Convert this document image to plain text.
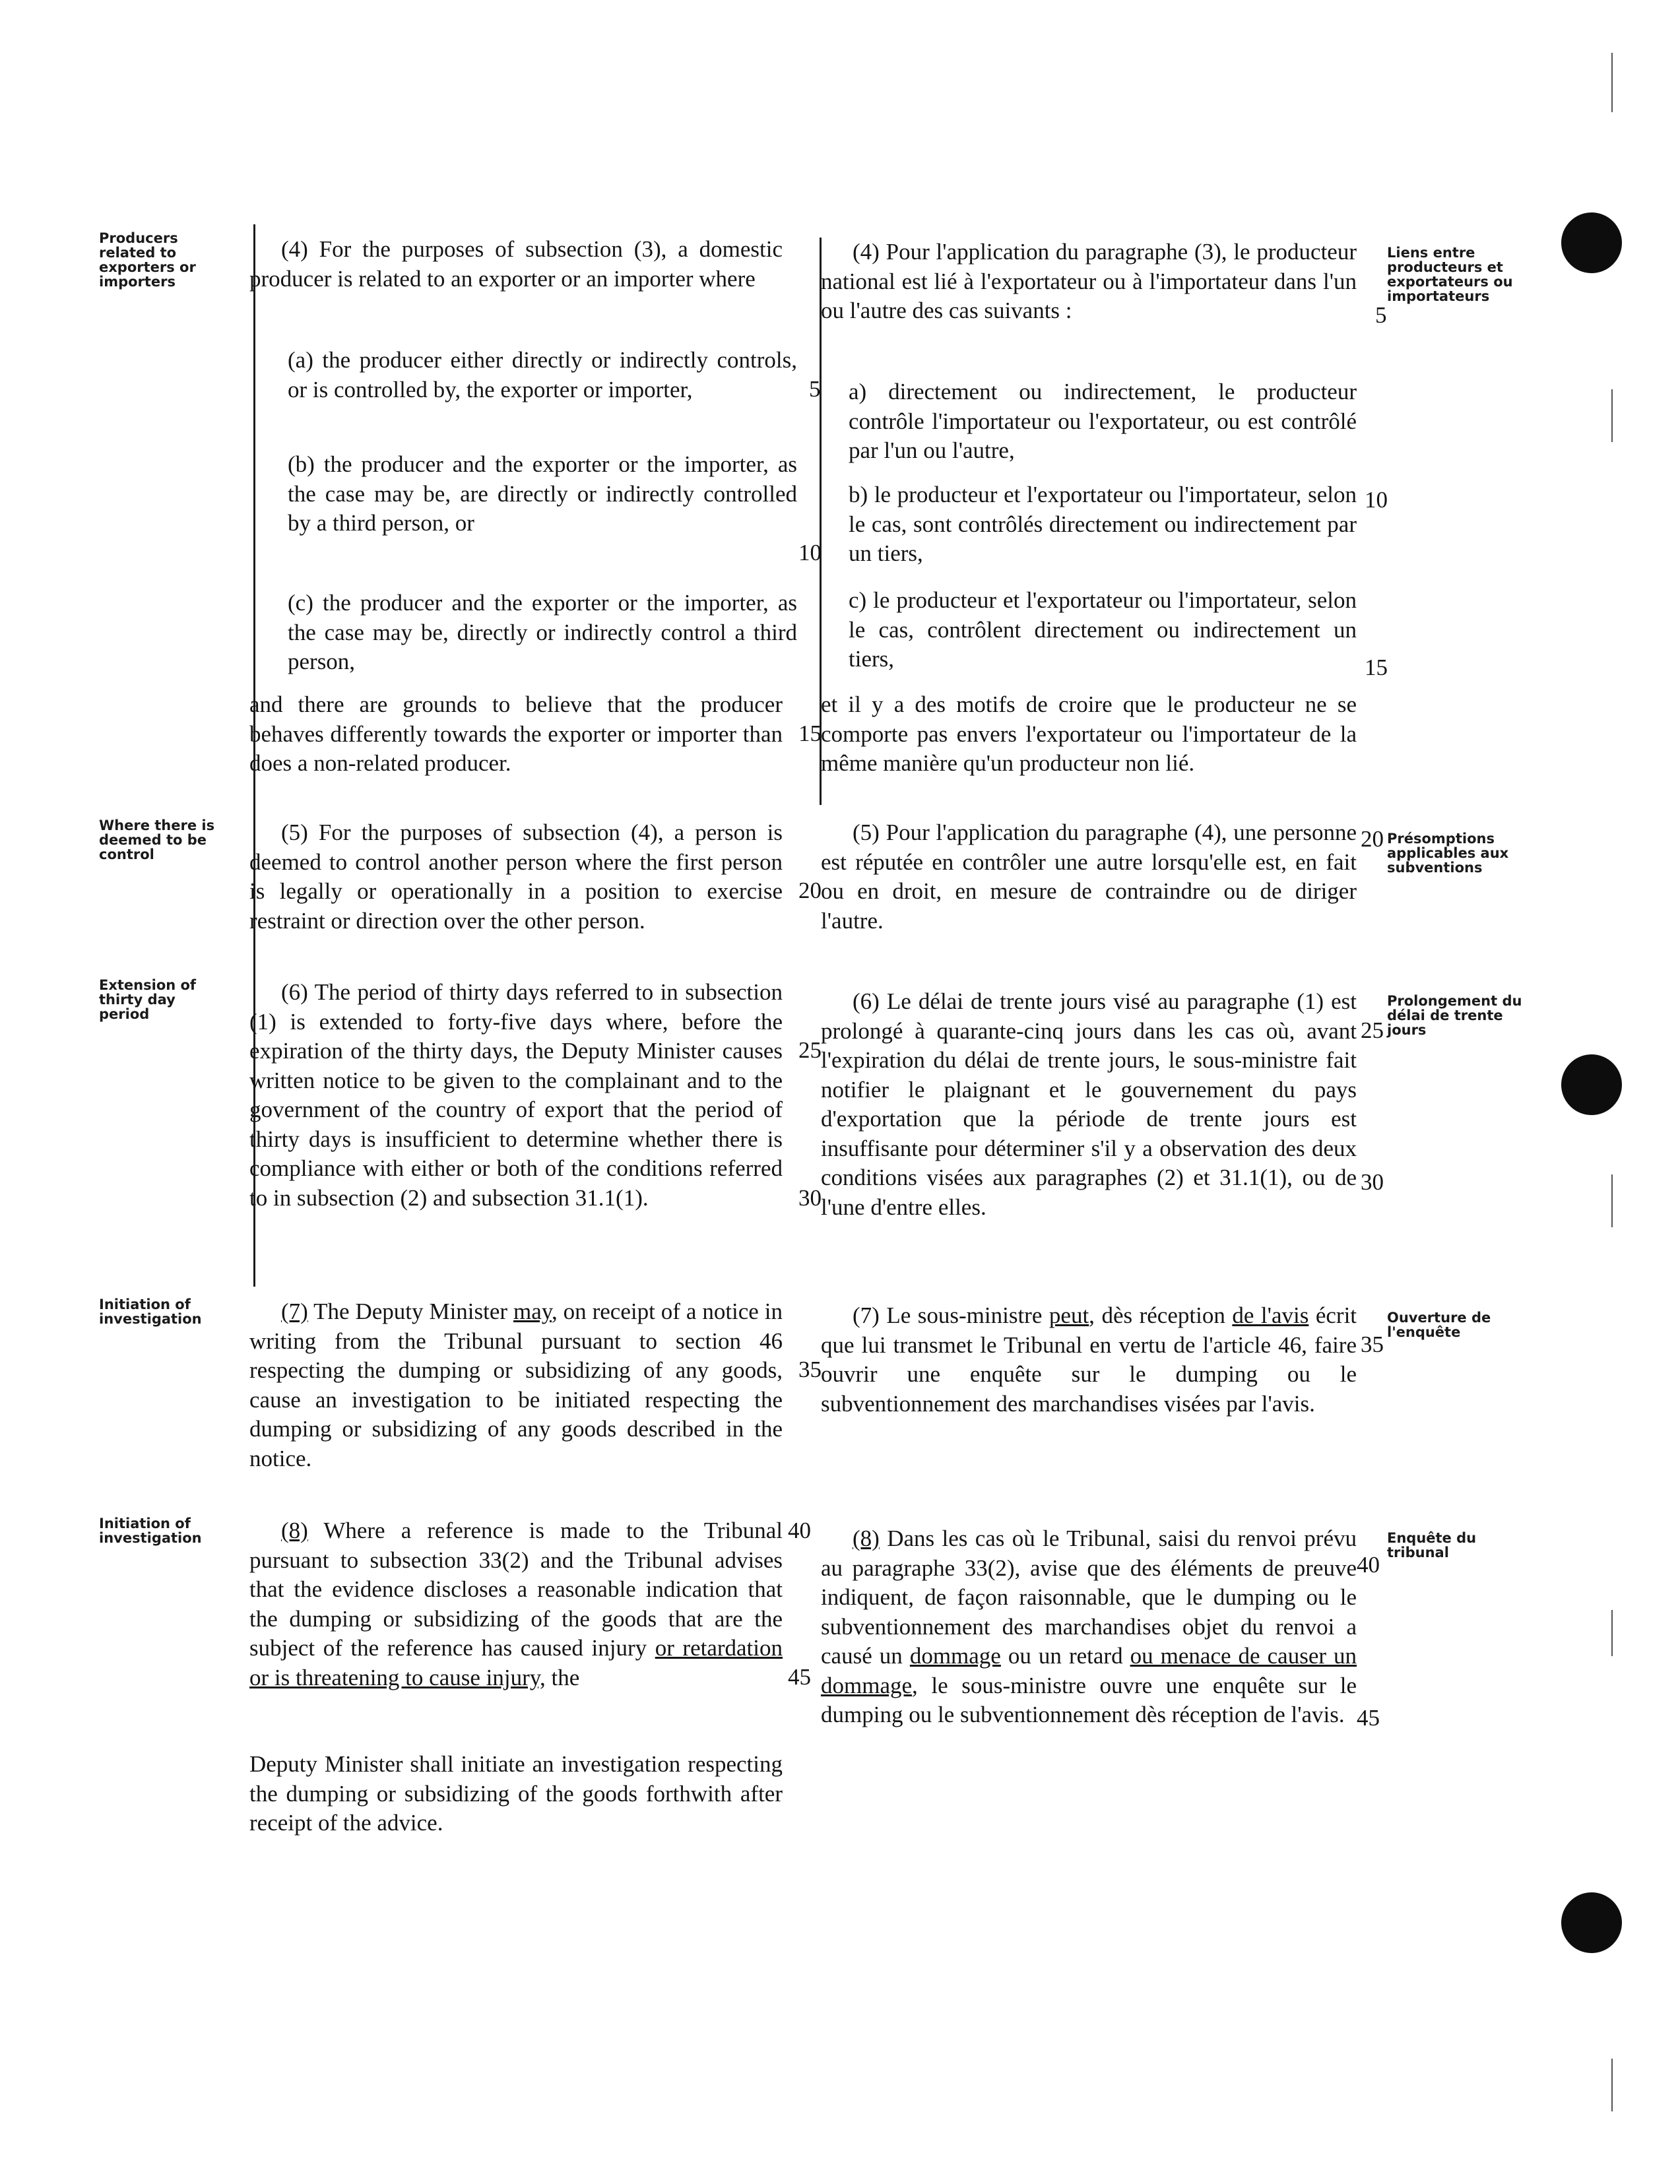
Producers related to exporters or importers
Where there is deemed to be control
Extension of thirty day period
Initiation of investigation
Initiation of investigation
Liens entre producteurs et exportateurs ou importateurs
Présomptions applicables aux subventions
Prolongement du délai de trente jours
Ouverture de l'enquête
Enquête du tribunal

(4) For the purposes of subsection (3), a domestic producer is related to an exporter or an importer where

(a) the producer either directly or indirectly controls, or is controlled by, the exporter or importer,

(b) the producer and the exporter or the importer, as the case may be, are directly or indirectly controlled by a third person, or

(c) the producer and the exporter or the importer, as the case may be, directly or indirectly control a third person,

and there are grounds to believe that the producer behaves differently towards the exporter or importer than does a non-related producer.

(5) For the purposes of subsection (4), a person is deemed to control another person where the first person is legally or operationally in a position to exercise restraint or direction over the other person.

(6) The period of thirty days referred to in subsection (1) is extended to forty-five days where, before the expiration of the thirty days, the Deputy Minister causes written notice to be given to the complainant and to the government of the country of export that the period of thirty days is insufficient to determine whether there is compliance with either or both of the conditions referred to in subsection (2) and subsection 31.1(1).

(7) The Deputy Minister may, on receipt of a notice in writing from the Tribunal pursuant to section 46 respecting the dumping or subsidizing of any goods, cause an investigation to be initiated respecting the dumping or subsidizing of any goods described in the notice.

(8) Where a reference is made to the Tribunal pursuant to subsection 33(2) and the Tribunal advises that the evidence discloses a reasonable indication that the dumping or subsidizing of the goods that are the subject of the reference has caused injury or retardation or is threatening to cause injury, the

Deputy Minister shall initiate an investigation respecting the dumping or subsidizing of the goods forthwith after receipt of the advice.

5
10
15
20
25
30
35
40
45

(4) Pour l'application du paragraphe (3), le producteur national est lié à l'exportateur ou à l'importateur dans l'un ou l'autre des cas suivants :

a) directement ou indirectement, le producteur contrôle l'importateur ou l'exportateur, ou est contrôlé par l'un ou l'autre,

b) le producteur et l'exportateur ou l'importateur, selon le cas, sont contrôlés directement ou indirectement par un tiers,

c) le producteur et l'exportateur ou l'importateur, selon le cas, contrôlent directement ou indirectement un tiers,

et il y a des motifs de croire que le producteur ne se comporte pas envers l'exportateur ou l'importateur de la même manière qu'un producteur non lié.

(5) Pour l'application du paragraphe (4), une personne est réputée en contrôler une autre lorsqu'elle est, en fait ou en droit, en mesure de contraindre ou de diriger l'autre.

(6) Le délai de trente jours visé au paragraphe (1) est prolongé à quarante-cinq jours dans les cas où, avant l'expiration du délai de trente jours, le sous-ministre fait notifier le plaignant et le gouvernement du pays d'exportation que la période de trente jours est insuffisante pour déterminer s'il y a observation des deux conditions visées aux paragraphes (2) et 31.1(1), ou de l'une d'entre elles.

(7) Le sous-ministre peut, dès réception de l'avis écrit que lui transmet le Tribunal en vertu de l'article 46, faire ouvrir une enquête sur le dumping ou le subventionnement des marchandises visées par l'avis.

(8) Dans les cas où le Tribunal, saisi du renvoi prévu au paragraphe 33(2), avise que des éléments de preuve indiquent, de façon raisonnable, que le dumping ou le subventionnement des marchandises objet du renvoi a causé un dommage ou un retard ou menace de causer un dommage, le sous-ministre ouvre une enquête sur le dumping ou le subventionnement dès réception de l'avis.

5
10
15
20
25
30
35
40
45
